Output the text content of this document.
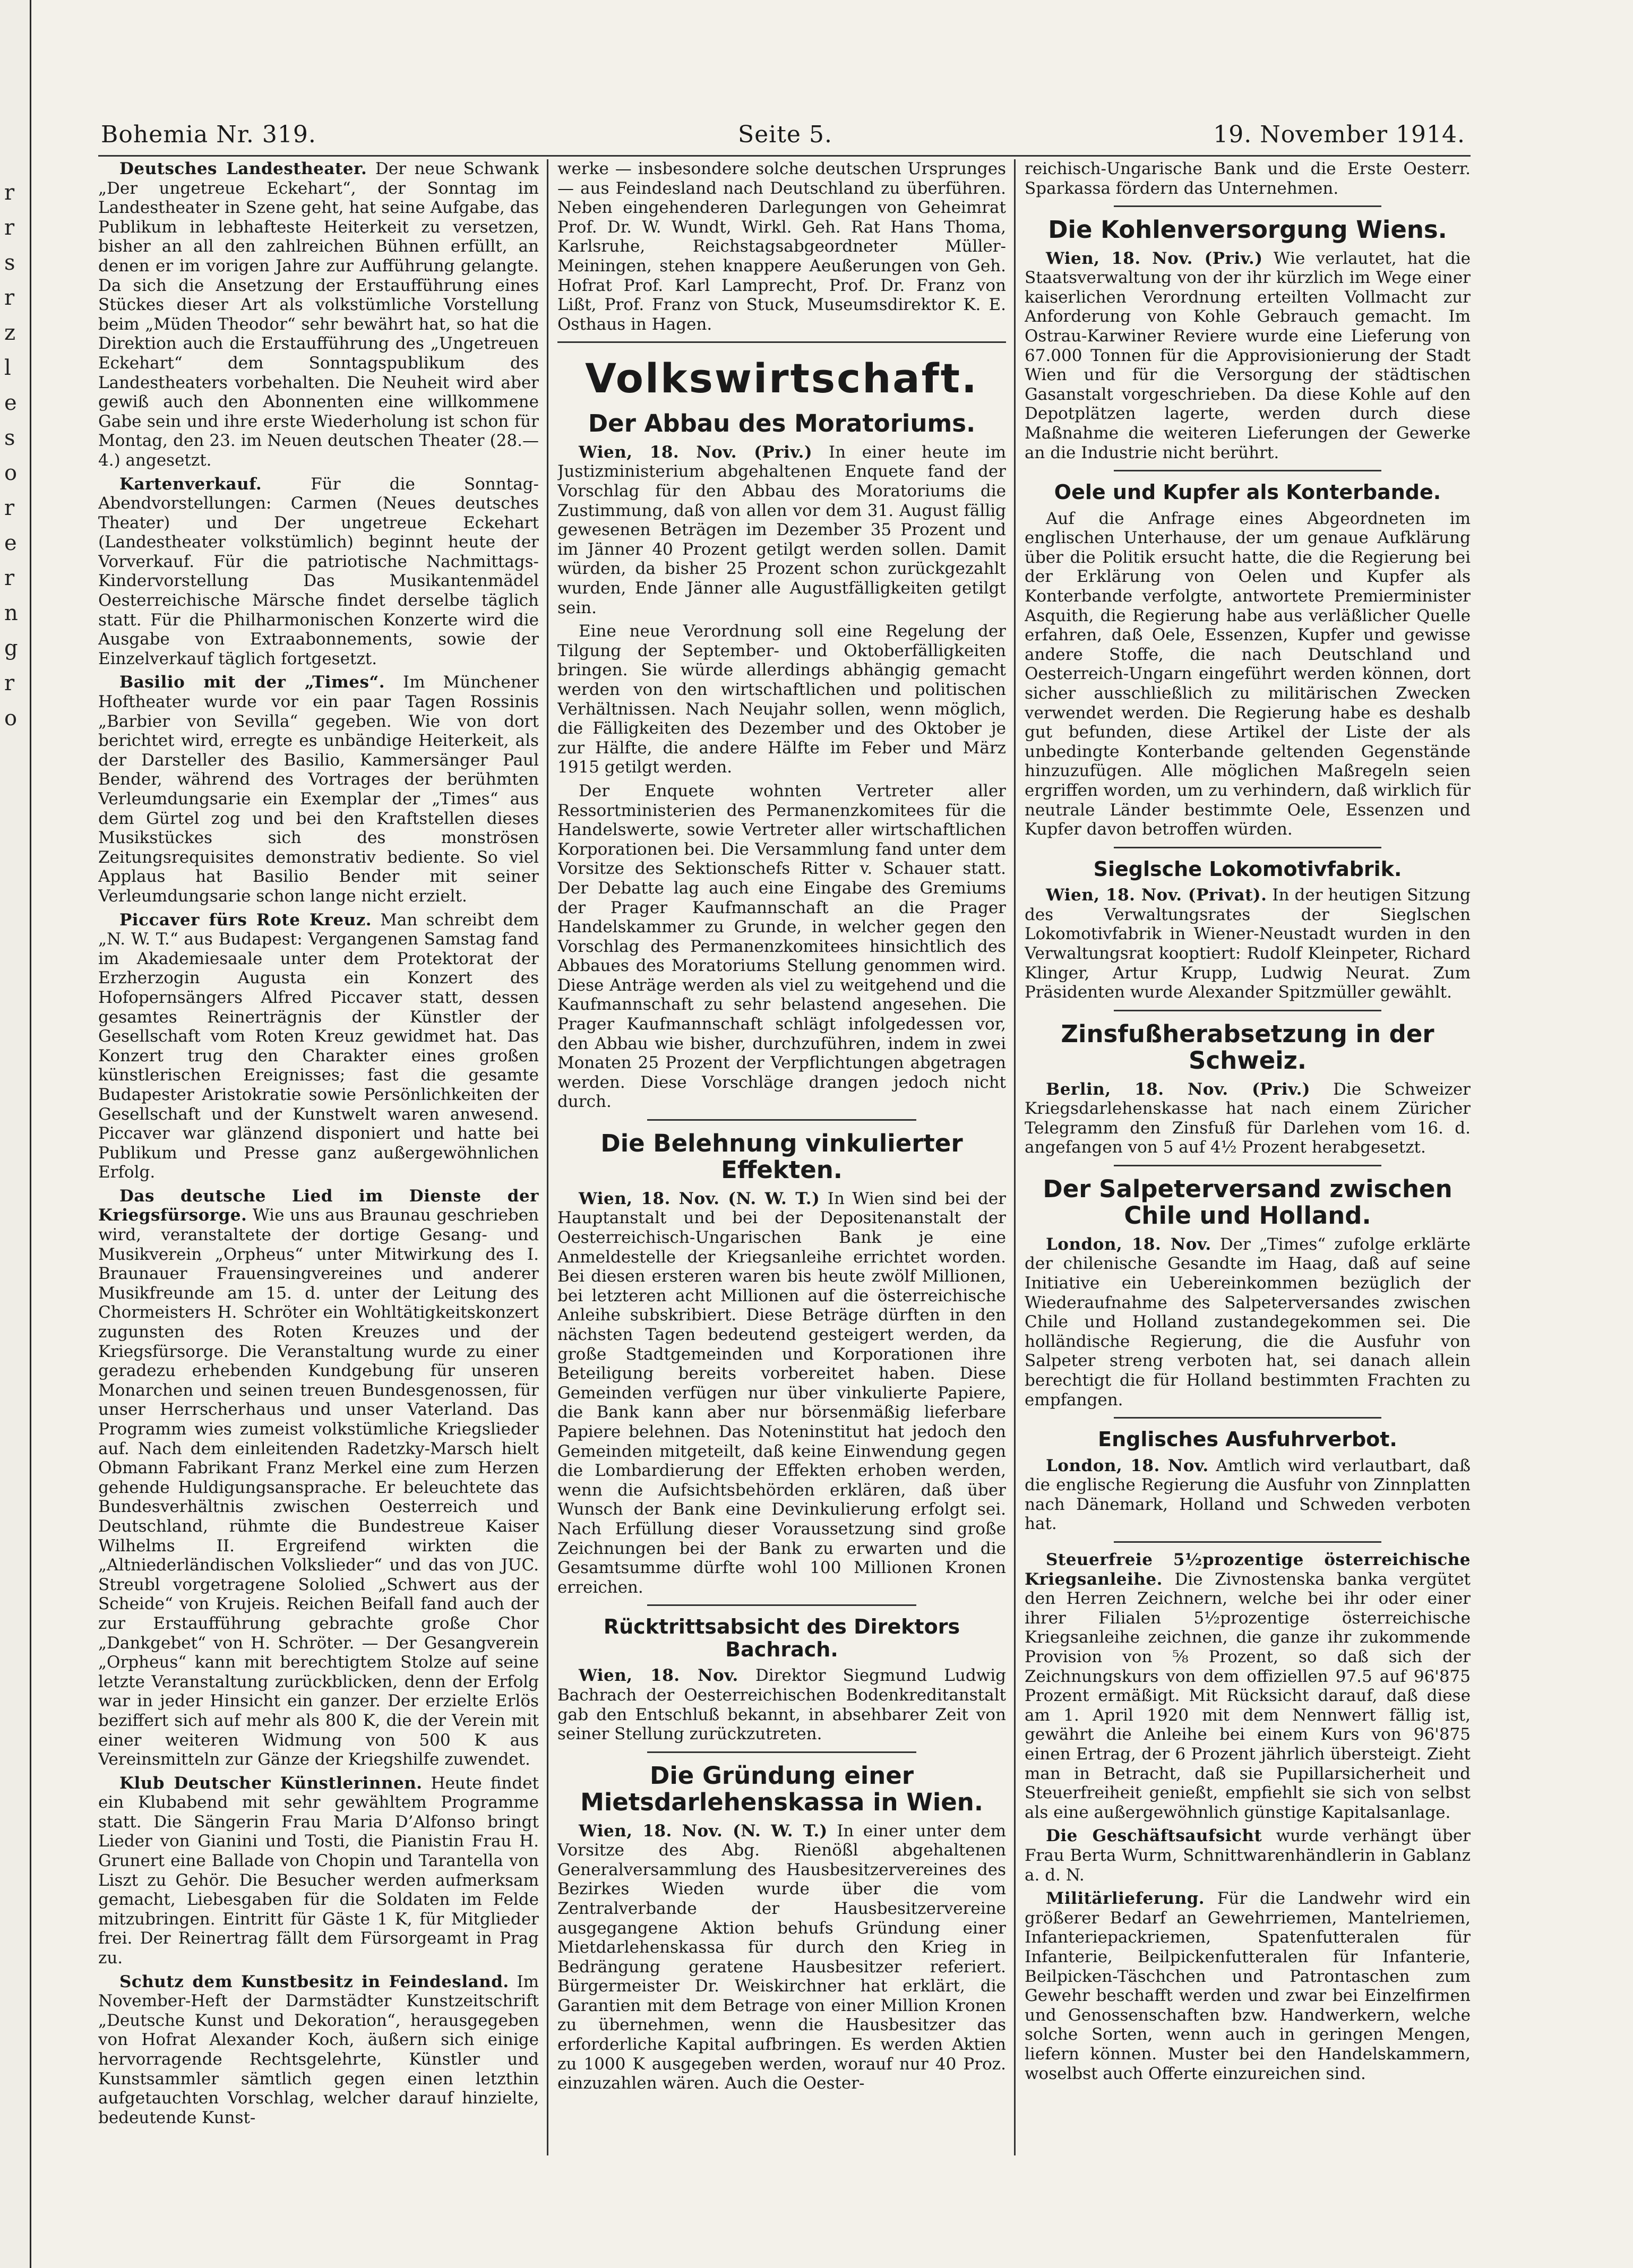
r
r
s
r
z
l
e
s
o
r
e
r
n
g
r
o
Bohemia Nr. 319.	Seite 5.	19. November 1914.

Deutsches Landestheater. Der neue Schwank „Der ungetreue Eckehart“, der Sonntag im Landestheater in Szene geht, hat seine Aufgabe, das Publikum in lebhafteste Heiterkeit zu versetzen, bisher an all den zahlreichen Bühnen erfüllt, an denen er im vorigen Jahre zur Aufführung gelangte. Da sich die Ansetzung der Erstaufführung eines Stückes dieser Art als volkstümliche Vorstellung beim „Müden Theodor“ sehr bewährt hat, so hat die Direktion auch die Erstaufführung des „Ungetreuen Eckehart“ dem Sonntagspublikum des Landestheaters vorbehalten. Die Neuheit wird aber gewiß auch den Abonnenten eine willkommene Gabe sein und ihre erste Wiederholung ist schon für Montag, den 23. im Neuen deutschen Theater (28.—4.) angesetzt.

Kartenverkauf.	Für die Sonntag-Abendvorstellungen: Carmen (Neues deutsches Theater) und Der ungetreue Eckehart (Landestheater volkstümlich) beginnt heute der Vorverkauf. Für die patriotische Nachmittags-Kindervorstellung Das Musikantenmädel Oesterreichische Märsche findet derselbe täglich statt. Für die Philharmonischen Konzerte wird die Ausgabe von Extraabonnements, sowie der Einzelverkauf täglich fortgesetzt.

Basilio mit der „Times“. Im Münchener Hoftheater wurde vor ein paar Tagen Rossinis „Barbier von Sevilla“ gegeben. Wie von dort berichtet wird, erregte es unbändige Heiterkeit, als der Darsteller des Basilio, Kammersänger Paul Bender, während des Vortrages der berühmten Verleumdungsarie ein Exemplar der „Times“ aus dem Gürtel zog und bei den Kraftstellen dieses Musikstückes sich des monströsen Zeitungsrequisites demonstrativ bediente. So viel Applaus hat Basilio Bender mit seiner Verleumdungsarie schon lange nicht erzielt.

Piccaver fürs Rote Kreuz. Man schreibt dem „N. W. T.“ aus Budapest: Vergangenen Samstag fand im Akademiesaale unter dem Protektorat der Erzherzogin Augusta ein Konzert des Hofopernsängers Alfred Piccaver statt, dessen gesamtes Reinerträgnis der Künstler der Gesellschaft vom Roten Kreuz gewidmet hat. Das Konzert trug den Charakter eines großen künstlerischen Ereignisses; fast die gesamte Budapester Aristokratie sowie Persönlichkeiten der Gesellschaft und der Kunstwelt waren anwesend. Piccaver war glänzend disponiert und hatte bei Publikum und Presse ganz außergewöhnlichen Erfolg.

Das deutsche Lied im Dienste der Kriegsfürsorge. Wie uns aus Braunau geschrieben wird, veranstaltete der dortige Gesang- und Musikverein „Orpheus“ unter Mitwirkung des I. Braunauer Frauensingvereines und anderer Musikfreunde am 15. d. unter der Leitung des Chormeisters H. Schröter ein Wohltätigkeitskonzert zugunsten des Roten Kreuzes und der Kriegsfürsorge. Die Veranstaltung wurde zu einer geradezu erhebenden Kundgebung für unseren Monarchen und seinen treuen Bundesgenossen, für unser Herrscherhaus und unser Vaterland. Das Programm wies zumeist volkstümliche Kriegslieder auf. Nach dem einleitenden Radetzky-Marsch hielt Obmann Fabrikant Franz Merkel eine zum Herzen gehende Huldigungsansprache. Er beleuchtete das Bundesverhältnis zwischen Oesterreich und Deutschland, rühmte die Bundestreue Kaiser Wilhelms II. Ergreifend wirkten die „Altniederländischen Volkslieder“ und das von JUC. Streubl vorgetragene Sololied „Schwert aus der Scheide“ von Krujeis. Reichen Beifall fand auch der zur Erstaufführung gebrachte große Chor „Dankgebet“ von H. Schröter. — Der Gesangverein „Orpheus“ kann mit berechtigtem Stolze auf seine letzte Veranstaltung zurückblicken, denn der Erfolg war in jeder Hinsicht ein ganzer. Der erzielte Erlös beziffert sich auf mehr als 800 K, die der Verein mit einer weiteren Widmung von 500 K aus Vereinsmitteln zur Gänze der Kriegshilfe zuwendet.

Klub Deutscher Künstlerinnen. Heute findet ein Klubabend mit sehr gewähltem Programme statt. Die Sängerin Frau Maria D’Alfonso bringt Lieder von Gianini und Tosti, die Pianistin Frau H. Grunert eine Ballade von Chopin und Tarantella von Liszt zu Gehör. Die Besucher werden aufmerksam gemacht, Liebesgaben für die Soldaten im Felde mitzubringen. Eintritt für Gäste 1 K, für Mitglieder frei. Der Reinertrag fällt dem Fürsorgeamt in Prag zu.

Schutz dem Kunstbesitz in Feindesland. Im November-Heft der Darmstädter Kunstzeitschrift „Deutsche Kunst und Dekoration“, herausgegeben von Hofrat Alexander Koch, äußern sich einige hervorragende Rechtsgelehrte, Künstler und Kunstsammler sämtlich gegen einen letzthin aufgetauchten Vorschlag, welcher darauf hinzielte, bedeutende Kunst-

werke — insbesondere solche deutschen Ursprunges — aus Feindesland nach Deutschland zu überführen. Neben eingehenderen Darlegungen von Geheimrat Prof. Dr. W. Wundt, Wirkl. Geh. Rat Hans Thoma, Karlsruhe, Reichstagsabgeordneter Müller-Meiningen, stehen knappere Aeußerungen von Geh. Hofrat Prof. Karl Lamprecht, Prof. Dr. Franz von Lißt, Prof. Franz von Stuck, Museumsdirektor K. E. Osthaus in Hagen.

Volkswirtschaft.
Der Abbau des Moratoriums.

Wien, 18. Nov. (Priv.) In einer heute im Justizministerium abgehaltenen Enquete fand der Vorschlag für den Abbau des Moratoriums die Zustimmung, daß von allen vor dem 31. August fällig gewesenen Beträgen im Dezember 35 Prozent und im Jänner 40 Prozent getilgt werden sollen. Damit würden, da bisher 25 Prozent schon zurückgezahlt wurden, Ende Jänner alle Augustfälligkeiten getilgt sein.

Eine neue Verordnung soll eine Regelung der Tilgung der September- und Oktoberfälligkeiten bringen. Sie würde allerdings abhängig gemacht werden von den wirtschaftlichen und politischen Verhältnissen. Nach Neujahr sollen, wenn möglich, die Fälligkeiten des Dezember und des Oktober je zur Hälfte, die andere Hälfte im Feber und März 1915 getilgt werden.

Der Enquete wohnten Vertreter aller Ressortministerien des Permanenzkomitees für die Handelswerte, sowie Vertreter aller wirtschaftlichen Korporationen bei. Die Versammlung fand unter dem Vorsitze des Sektionschefs Ritter v. Schauer statt. Der Debatte lag auch eine Eingabe des Gremiums der Prager Kaufmannschaft an die Prager Handelskammer zu Grunde, in welcher gegen den Vorschlag des Permanenzkomitees hinsichtlich des Abbaues des Moratoriums Stellung genommen wird. Diese Anträge werden als viel zu weitgehend und die Kaufmannschaft zu sehr belastend angesehen. Die Prager Kaufmannschaft schlägt infolgedessen vor, den Abbau wie bisher, durchzuführen, indem in zwei Monaten 25 Prozent der Verpflichtungen abgetragen werden. Diese Vorschläge drangen jedoch nicht durch.

Die Belehnung vinkulierter Effekten.

Wien, 18. Nov. (N. W. T.) In Wien sind bei der Hauptanstalt und bei der Depositenanstalt der Oesterreichisch-Ungarischen Bank je eine Anmeldestelle der Kriegsanleihe errichtet worden. Bei diesen ersteren waren bis heute zwölf Millionen, bei letzteren acht Millionen auf die österreichische Anleihe subskribiert. Diese Beträge dürften in den nächsten Tagen bedeutend gesteigert werden, da große Stadtgemeinden und Korporationen ihre Beteiligung bereits vorbereitet haben. Diese Gemeinden verfügen nur über vinkulierte Papiere, die Bank kann aber nur börsenmäßig lieferbare Papiere belehnen. Das Noteninstitut hat jedoch den Gemeinden mitgeteilt, daß keine Einwendung gegen die Lombardierung der Effekten erhoben werden, wenn die Aufsichtsbehörden erklären, daß über Wunsch der Bank eine Devinkulierung erfolgt sei. Nach Erfüllung dieser Voraussetzung sind große Zeichnungen bei der Bank zu erwarten und die Gesamtsumme dürfte wohl 100 Millionen Kronen erreichen.

Rücktrittsabsicht des Direktors Bachrach.

Wien, 18. Nov. Direktor Siegmund Ludwig Bachrach der Oesterreichischen Bodenkreditanstalt gab den Entschluß bekannt, in absehbarer Zeit von seiner Stellung zurückzutreten.

Die Gründung einer Mietsdarlehenskassa in Wien.

Wien, 18. Nov. (N. W. T.) In einer unter dem Vorsitze des Abg. Rienößl abgehaltenen Generalversammlung des Hausbesitzervereines des Bezirkes Wieden wurde über die vom Zentralverbande der Hausbesitzervereine ausgegangene Aktion behufs Gründung einer Mietdarlehenskassa für durch den Krieg in Bedrängung geratene Hausbesitzer referiert. Bürgermeister Dr. Weiskirchner hat erklärt, die Garantien mit dem Betrage von einer Million Kronen zu übernehmen, wenn die Hausbesitzer das erforderliche Kapital aufbringen. Es werden Aktien zu 1000 K ausgegeben werden, worauf nur 40 Proz. einzuzahlen wären. Auch die Oester-

reichisch-Ungarische Bank und die Erste Oesterr. Sparkassa fördern das Unternehmen.

Die Kohlenversorgung Wiens.

Wien, 18. Nov. (Priv.) Wie verlautet, hat die Staatsverwaltung von der ihr kürzlich im Wege einer kaiserlichen Verordnung erteilten Vollmacht zur Anforderung von Kohle Gebrauch gemacht. Im Ostrau-Karwiner Reviere wurde eine Lieferung von 67.000 Tonnen für die Approvisionierung der Stadt Wien und für die Versorgung der städtischen Gasanstalt vorgeschrieben. Da diese Kohle auf den Depotplätzen lagerte, werden durch diese Maßnahme die weiteren Lieferungen der Gewerke an die Industrie nicht berührt.

Oele und Kupfer als Konterbande.

Auf die Anfrage eines Abgeordneten im englischen Unterhause, der um genaue Aufklärung über die Politik ersucht hatte, die die Regierung bei der Erklärung von Oelen und Kupfer als Konterbande verfolgte, antwortete Premierminister Asquith, die Regierung habe aus verläßlicher Quelle erfahren, daß Oele, Essenzen, Kupfer und gewisse andere Stoffe, die nach Deutschland und Oesterreich-Ungarn eingeführt werden können, dort sicher ausschließlich zu militärischen Zwecken verwendet werden. Die Regierung habe es deshalb gut befunden, diese Artikel der Liste der als unbedingte Konterbande geltenden Gegenstände hinzuzufügen. Alle möglichen Maßregeln seien ergriffen worden, um zu verhindern, daß wirklich für neutrale Länder bestimmte Oele, Essenzen und Kupfer davon betroffen würden.

Sieglsche Lokomotivfabrik.

Wien, 18. Nov. (Privat). In der heutigen Sitzung des Verwaltungsrates der Sieglschen Lokomotivfabrik in Wiener-Neustadt wurden in den Verwaltungsrat kooptiert: Rudolf Kleinpeter, Richard Klinger, Artur Krupp, Ludwig Neurat. Zum Präsidenten wurde Alexander Spitzmüller gewählt.

Zinsfußherabsetzung in der Schweiz.

Berlin, 18. Nov. (Priv.) Die Schweizer Kriegsdarlehenskasse hat nach einem Züricher Telegramm den Zinsfuß für Darlehen vom 16. d. angefangen von 5 auf 4½ Prozent herabgesetzt.

Der Salpeterversand zwischen Chile und Holland.

London, 18. Nov. Der „Times“ zufolge erklärte der chilenische Gesandte im Haag, daß auf seine Initiative ein Uebereinkommen bezüglich der Wiederaufnahme des Salpeterversandes zwischen Chile und Holland zustandegekommen sei. Die holländische Regierung, die die Ausfuhr von Salpeter streng verboten hat, sei danach allein berechtigt die für Holland bestimmten Frachten zu empfangen.

Englisches Ausfuhrverbot.

London, 18. Nov. Amtlich wird verlautbart, daß die englische Regierung die Ausfuhr von Zinnplatten nach Dänemark, Holland und Schweden verboten hat.

Steuerfreie 5½prozentige österreichische Kriegsanleihe. Die Zivnostenska banka vergütet den Herren Zeichnern, welche bei ihr oder einer ihrer Filialen 5½prozentige österreichische Kriegsanleihe zeichnen, die ganze ihr zukommende Provision von ⅝ Prozent, so daß sich der Zeichnungskurs von dem offiziellen 97.5 auf 96'875 Prozent ermäßigt. Mit Rücksicht darauf, daß diese am 1. April 1920 mit dem Nennwert fällig ist, gewährt die Anleihe bei einem Kurs von 96'875 einen Ertrag, der 6 Prozent jährlich übersteigt. Zieht man in Betracht, daß sie Pupillarsicherheit und Steuerfreiheit genießt, empfiehlt sie sich von selbst als eine außergewöhnlich günstige Kapitalsanlage.

Die Geschäftsaufsicht wurde verhängt über Frau Berta Wurm, Schnittwarenhändlerin in Gablanz a. d. N.

Militärlieferung. Für die Landwehr wird ein größerer Bedarf an Gewehrriemen, Mantelriemen, Infanteriepackriemen, Spatenfutteralen für Infanterie, Beilpickenfutteralen für Infanterie, Beilpicken-Täschchen und Patrontaschen zum Gewehr beschafft werden und zwar bei Einzelfirmen und Genossenschaften bzw. Handwerkern, welche solche Sorten, wenn auch in geringen Mengen, liefern können. Muster bei den Handelskammern, woselbst auch Offerte einzureichen sind.
